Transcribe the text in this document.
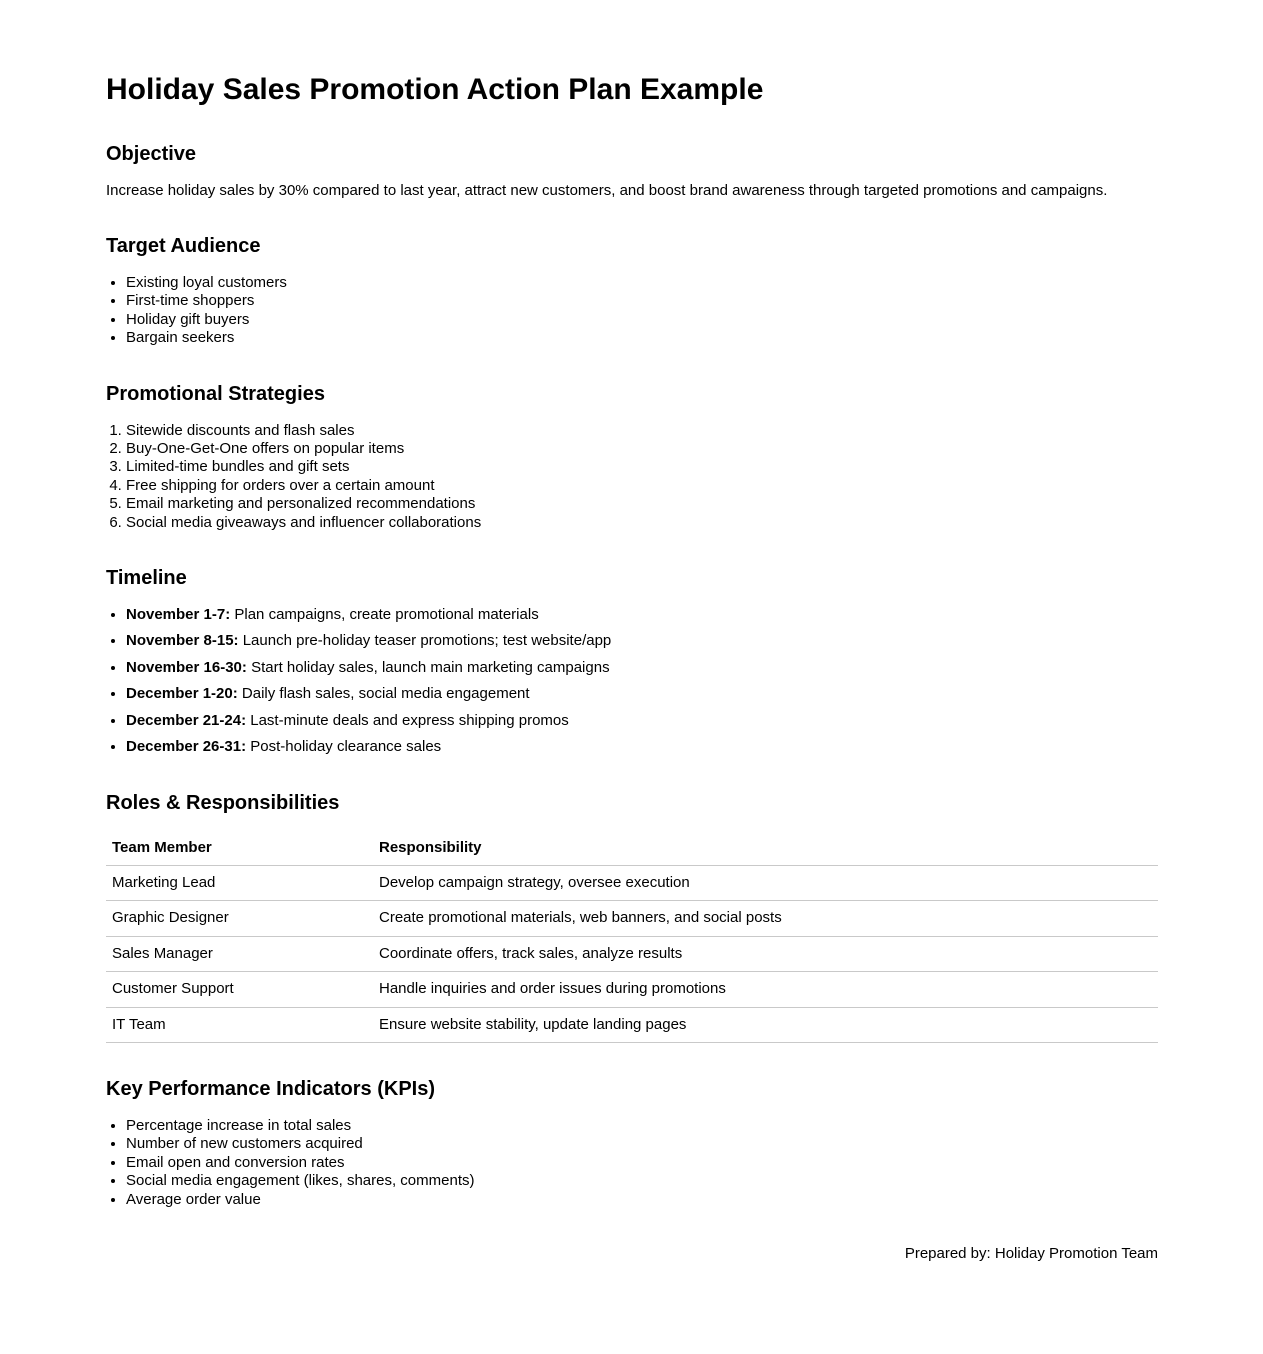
Holiday Sales Promotion Action Plan Example
Objective

Increase holiday sales by 30% compared to last year, attract new customers, and boost brand awareness through targeted promotions and campaigns.

Target Audience
• Existing loyal customers
• First-time shoppers
• Holiday gift buyers
• Bargain seekers
Promotional Strategies
1. Sitewide discounts and flash sales
2. Buy-One-Get-One offers on popular items
3. Limited-time bundles and gift sets
4. Free shipping for orders over a certain amount
5. Email marketing and personalized recommendations
6. Social media giveaways and influencer collaborations
Timeline
• November 1-7: Plan campaigns, create promotional materials
• November 8-15: Launch pre-holiday teaser promotions; test website/app
• November 16-30: Start holiday sales, launch main marketing campaigns
• December 1-20: Daily flash sales, social media engagement
• December 21-24: Last-minute deals and express shipping promos
• December 26-31: Post-holiday clearance sales
Roles & Responsibilities
Team Member	Responsibility
Marketing Lead	Develop campaign strategy, oversee execution
Graphic Designer	Create promotional materials, web banners, and social posts
Sales Manager	Coordinate offers, track sales, analyze results
Customer Support	Handle inquiries and order issues during promotions
IT Team	Ensure website stability, update landing pages
Key Performance Indicators (KPIs)
• Percentage increase in total sales
• Number of new customers acquired
• Email open and conversion rates
• Social media engagement (likes, shares, comments)
• Average order value

Prepared by: Holiday Promotion Team
